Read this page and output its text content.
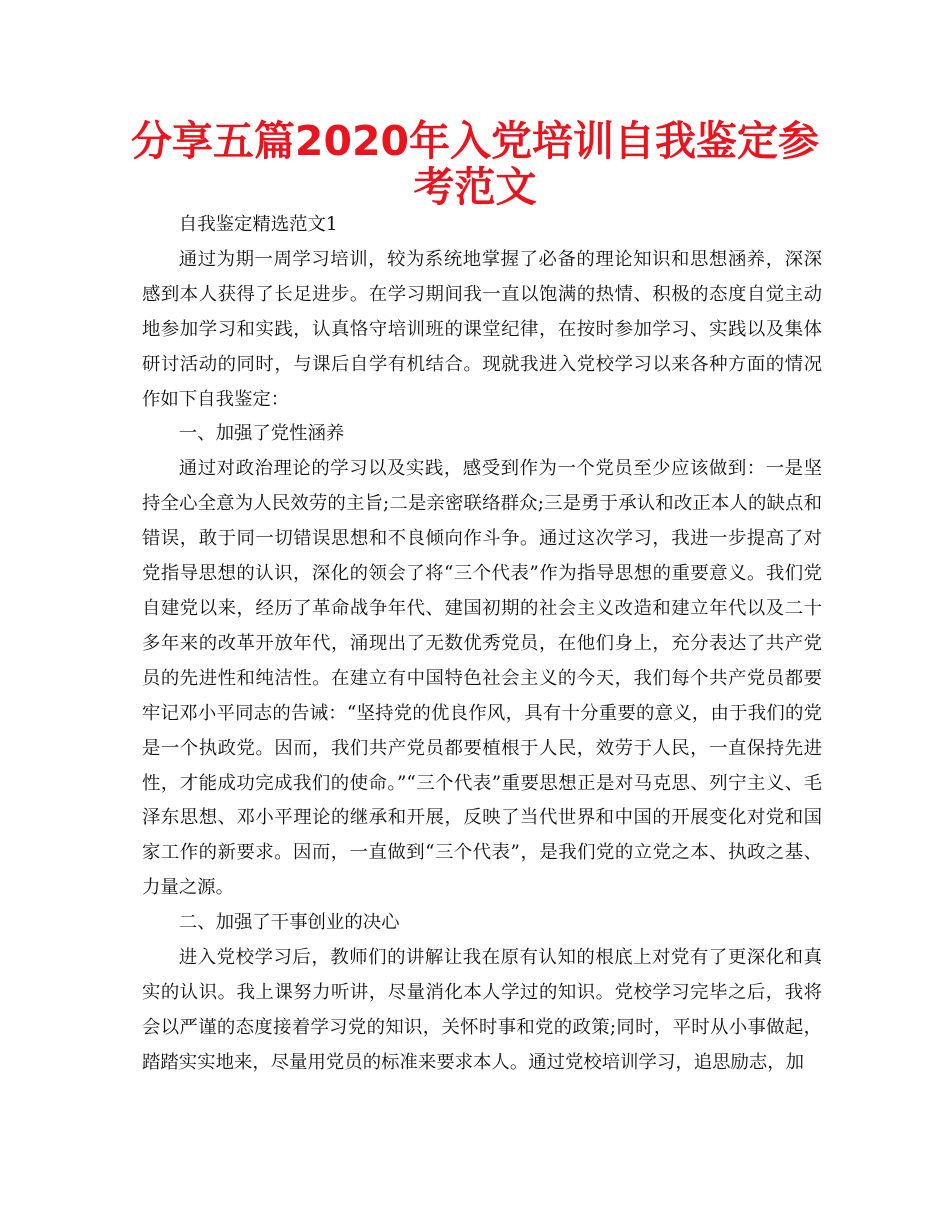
分享五篇2020年入党培训自我鉴定参考范文

自我鉴定精选范文1

通过为期一周学习培训，较为系统地掌握了必备的理论知识和思想涵养，深深感到本人获得了长足进步。在学习期间我一直以饱满的热情、积极的态度自觉主动地参加学习和实践，认真恪守培训班的课堂纪律，在按时参加学习、实践以及集体研讨活动的同时，与课后自学有机结合。现就我进入党校学习以来各种方面的情况作如下自我鉴定：

一、加强了党性涵养

通过对政治理论的学习以及实践，感受到作为一个党员至少应该做到：一是坚持全心全意为人民效劳的主旨;二是亲密联络群众;三是勇于承认和改正本人的缺点和错误，敢于同一切错误思想和不良倾向作斗争。通过这次学习，我进一步提高了对党指导思想的认识，深化的领会了将“三个代表”作为指导思想的重要意义。我们党自建党以来，经历了革命战争年代、建国初期的社会主义改造和建立年代以及二十多年来的改革开放年代，涌现出了无数优秀党员，在他们身上，充分表达了共产党员的先进性和纯洁性。在建立有中国特色社会主义的今天，我们每个共产党员都要牢记邓小平同志的告诫：“坚持党的优良作风，具有十分重要的意义，由于我们的党是一个执政党。因而，我们共产党员都要植根于人民，效劳于人民，一直保持先进性，才能成功完成我们的使命。”“三个代表”重要思想正是对马克思、列宁主义、毛泽东思想、邓小平理论的继承和开展，反映了当代世界和中国的开展变化对党和国家工作的新要求。因而，一直做到“三个代表”，是我们党的立党之本、执政之基、力量之源。

二、加强了干事创业的决心

进入党校学习后，教师们的讲解让我在原有认知的根底上对党有了更深化和真实的认识。我上课努力听讲，尽量消化本人学过的知识。党校学习完毕之后，我将会以严谨的态度接着学习党的知识，关怀时事和党的政策;同时，平时从小事做起，踏踏实实地来，尽量用党员的标准来要求本人。通过党校培训学习，追思励志，加
